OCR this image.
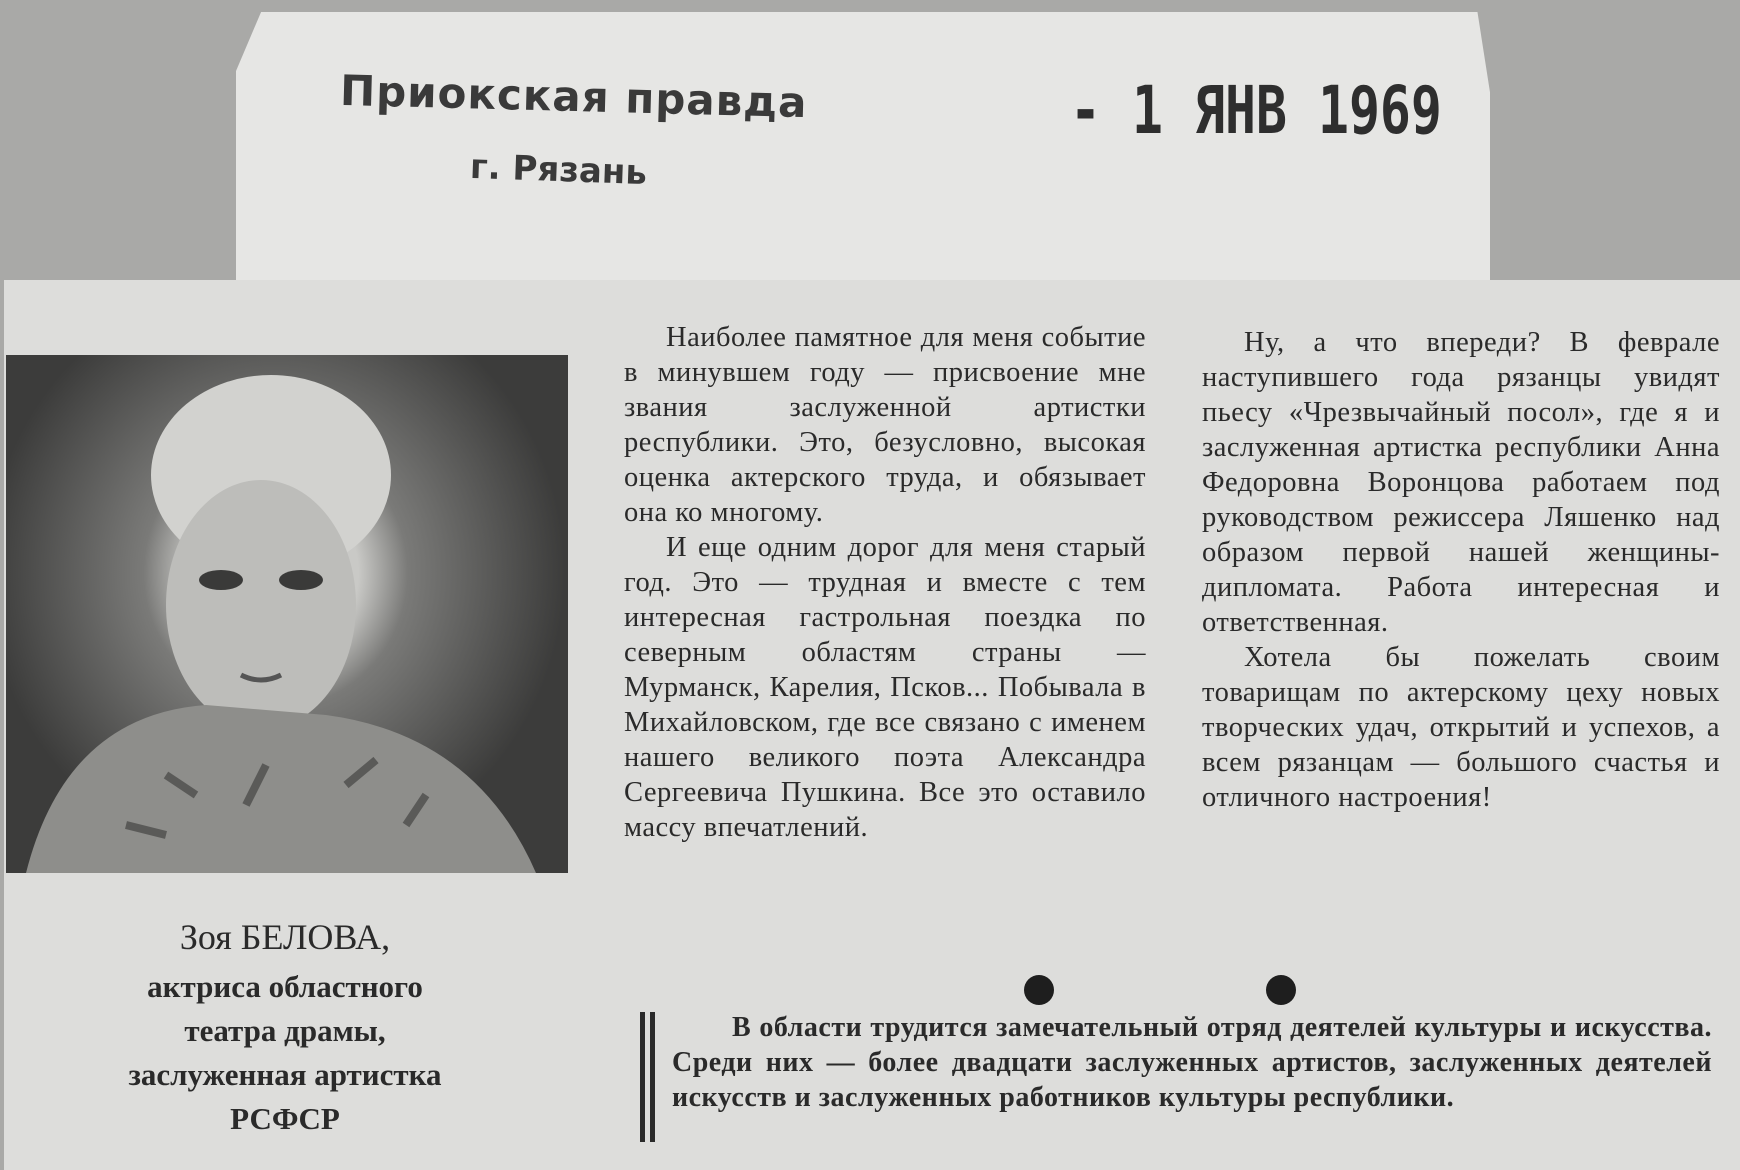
Приокская правда
г. Рязань
- 1 ЯНВ 1969
Зоя БЕЛОВА,
актриса областного
театра драмы,
заслуженная артистка
РСФСР

Наиболее памятное для меня событие в минувшем году — присвоение мне звания заслуженной артистки республики. Это, безусловно, высокая оценка актерского труда, и обязывает она ко многому.

И еще одним дорог для меня старый год. Это — трудная и вместе с тем интересная гастрольная поездка по северным областям страны — Мурманск, Карелия, Псков... Побывала в Михайловском, где все связано с именем нашего великого поэта Александра Сергеевича Пушкина. Все это оставило массу впечатлений.

Ну, а что впереди? В феврале наступившего года рязанцы увидят пьесу «Чрезвычайный посол», где я и заслуженная артистка республики Анна Федоровна Воронцова работаем под руководством режиссера Ляшенко над образом первой нашей женщины-дипломата. Работа интересная и ответственная.

Хотела бы пожелать своим товарищам по актерскому цеху новых творческих удач, открытий и успехов, а всем рязанцам — большого счастья и отличного настроения!

В области трудится замечательный отряд деятелей культуры и искусства. Среди них — более двадцати заслуженных артистов, заслуженных деятелей искусств и заслуженных работников культуры республики.
